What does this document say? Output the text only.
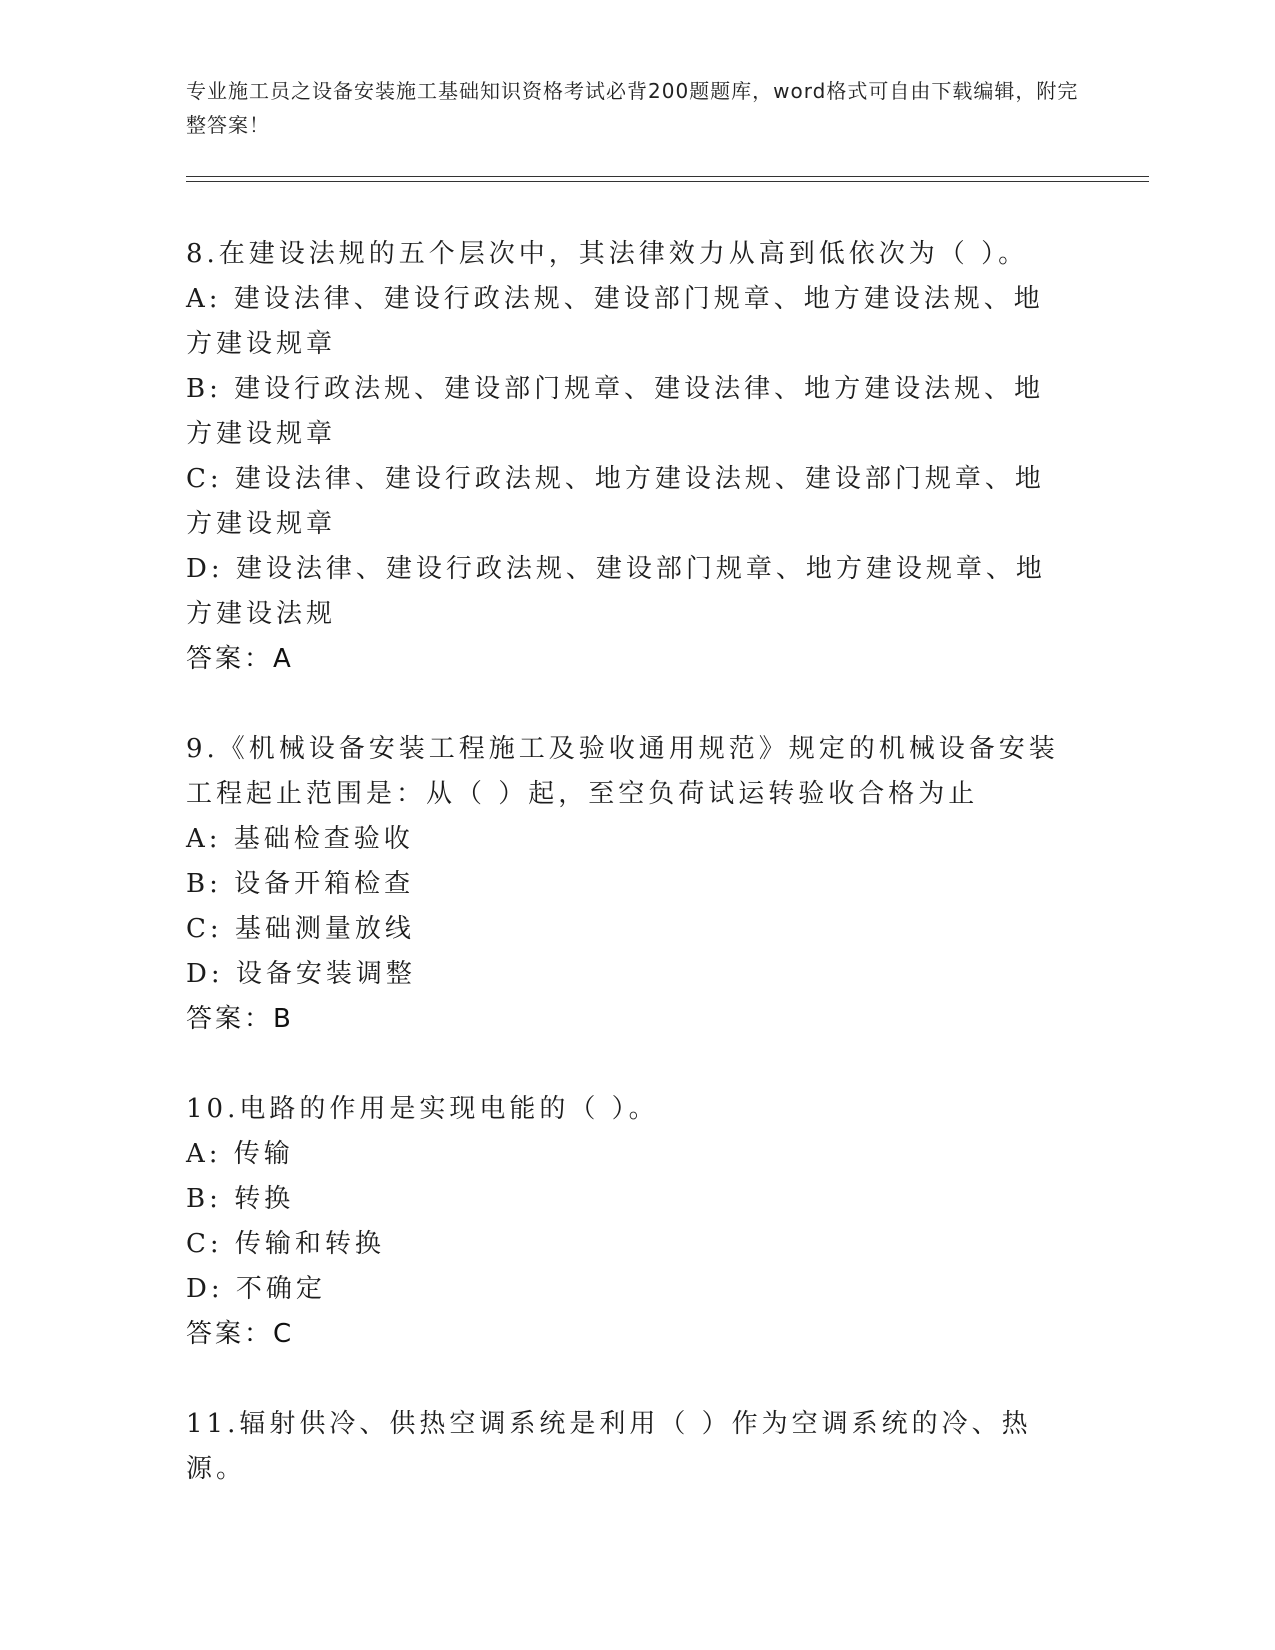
专业施工员之设备安装施工基础知识资格考试必背200题题库，word格式可自由下载编辑，附完整答案！
8.在建设法规的五个层次中，其法律效力从高到低依次为（ ）。
A: 建设法律、建设行政法规、建设部门规章、地方建设法规、地方建设规章
B: 建设行政法规、建设部门规章、建设法律、地方建设法规、地方建设规章
C: 建设法律、建设行政法规、地方建设法规、建设部门规章、地方建设规章
D: 建设法律、建设行政法规、建设部门规章、地方建设规章、地方建设法规
答案：A
9.《机械设备安装工程施工及验收通用规范》规定的机械设备安装工程起止范围是：从（ ）起，至空负荷试运转验收合格为止
A: 基础检查验收
B: 设备开箱检查
C: 基础测量放线
D: 设备安装调整
答案：B
10.电路的作用是实现电能的（ ）。
A: 传输
B: 转换
C: 传输和转换
D: 不确定
答案：C
11.辐射供冷、供热空调系统是利用（ ）作为空调系统的冷、热源。
